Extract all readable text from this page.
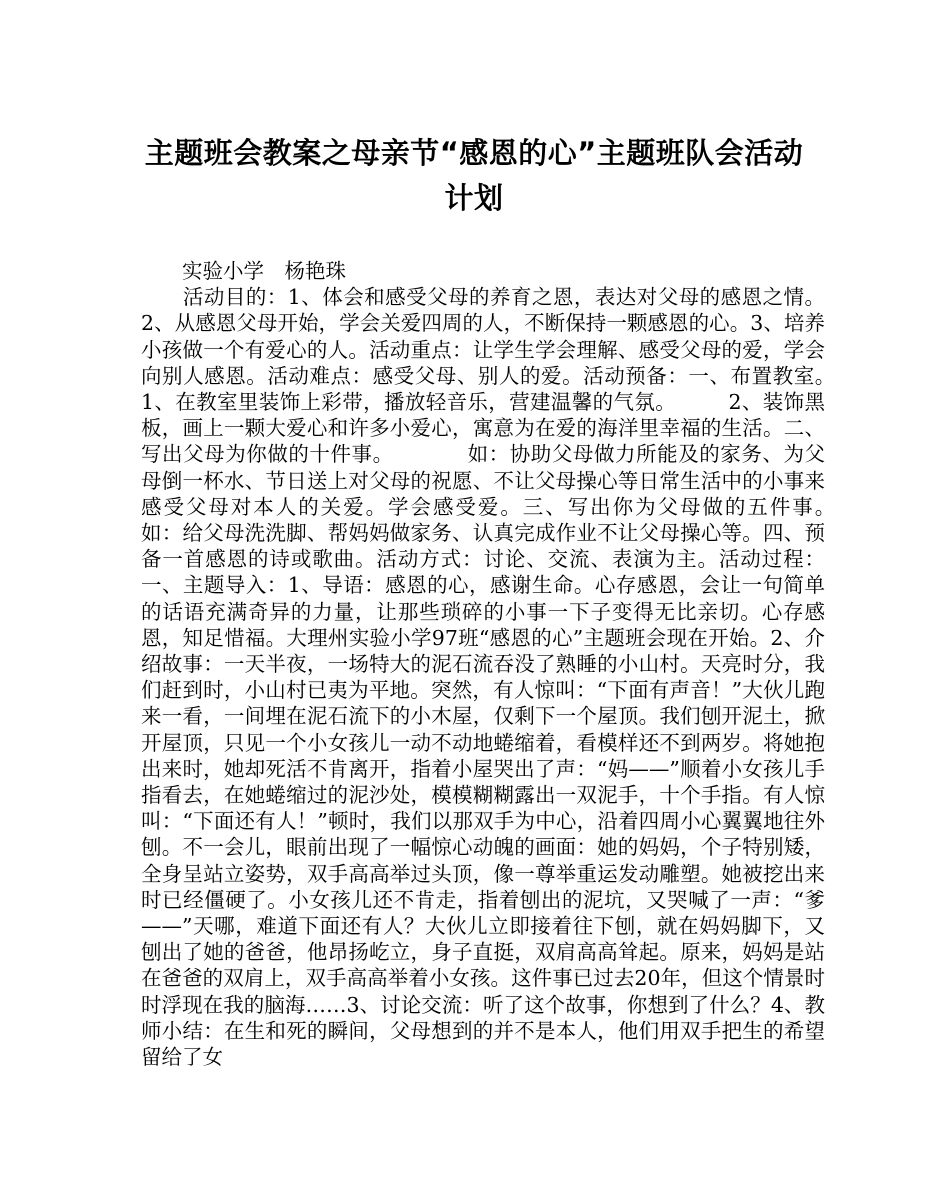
主题班会教案之母亲节“感恩的心”主题班队会活动计划

　　实验小学　杨艳珠
　　活动目的：1、体会和感受父母的养育之恩，表达对父母的感恩之情。2、从感恩父母开始，学会关爱四周的人，不断保持一颗感恩的心。3、培养小孩做一个有爱心的人。活动重点：让学生学会理解、感受父母的爱，学会向别人感恩。活动难点：感受父母、别人的爱。活动预备：一、布置教室。　　　1、在教室里装饰上彩带，播放轻音乐，营建温馨的气氛。　　　2、装饰黑板，画上一颗大爱心和许多小爱心，寓意为在爱的海洋里幸福的生活。二、写出父母为你做的十件事。　　　　如：协助父母做力所能及的家务、为父母倒一杯水、节日送上对父母的祝愿、不让父母操心等日常生活中的小事来感受父母对本人的关爱。学会感受爱。三、写出你为父母做的五件事。　　　　如：给父母洗洗脚、帮妈妈做家务、认真完成作业不让父母操心等。四、预备一首感恩的诗或歌曲。活动方式：讨论、交流、表演为主。活动过程：一、主题导入：1、导语：感恩的心，感谢生命。心存感恩，会让一句简单的话语充满奇异的力量，让那些琐碎的小事一下子变得无比亲切。心存感恩，知足惜福。大理州实验小学97班“感恩的心”主题班会现在开始。2、介绍故事：一天半夜，一场特大的泥石流吞没了熟睡的小山村。天亮时分，我们赶到时，小山村已夷为平地。突然，有人惊叫：“下面有声音！”大伙儿跑来一看，一间埋在泥石流下的小木屋，仅剩下一个屋顶。我们刨开泥土，掀开屋顶，只见一个小女孩儿一动不动地蜷缩着，看模样还不到两岁。将她抱出来时，她却死活不肯离开，指着小屋哭出了声：“妈——”顺着小女孩儿手指看去，在她蜷缩过的泥沙处，模模糊糊露出一双泥手，十个手指。有人惊叫：“下面还有人！”顿时，我们以那双手为中心，沿着四周小心翼翼地往外刨。不一会儿，眼前出现了一幅惊心动魄的画面：她的妈妈，个子特别矮，全身呈站立姿势，双手高高举过头顶，像一尊举重运发动雕塑。她被挖出来时已经僵硬了。小女孩儿还不肯走，指着刨出的泥坑，又哭喊了一声：“爹——”天哪，难道下面还有人？大伙儿立即接着往下刨，就在妈妈脚下，又刨出了她的爸爸，他昂扬屹立，身子直挺，双肩高高耸起。原来，妈妈是站在爸爸的双肩上，双手高高举着小女孩。这件事已过去20年，但这个情景时时浮现在我的脑海……3、讨论交流：听了这个故事，你想到了什么？4、教师小结：在生和死的瞬间，父母想到的并不是本人，他们用双手把生的希望留给了女
